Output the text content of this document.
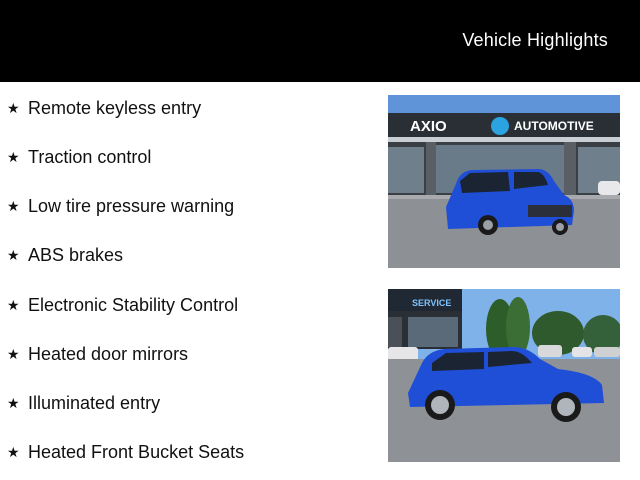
Vehicle Highlights
★ Remote keyless entry
★ Traction control
★ Low tire pressure warning
★ ABS brakes
★ Electronic Stability Control
★ Heated door mirrors
★ Illuminated entry
★ Heated Front Bucket Seats
AXIO	AUTOMOTIVE
SERVICE
